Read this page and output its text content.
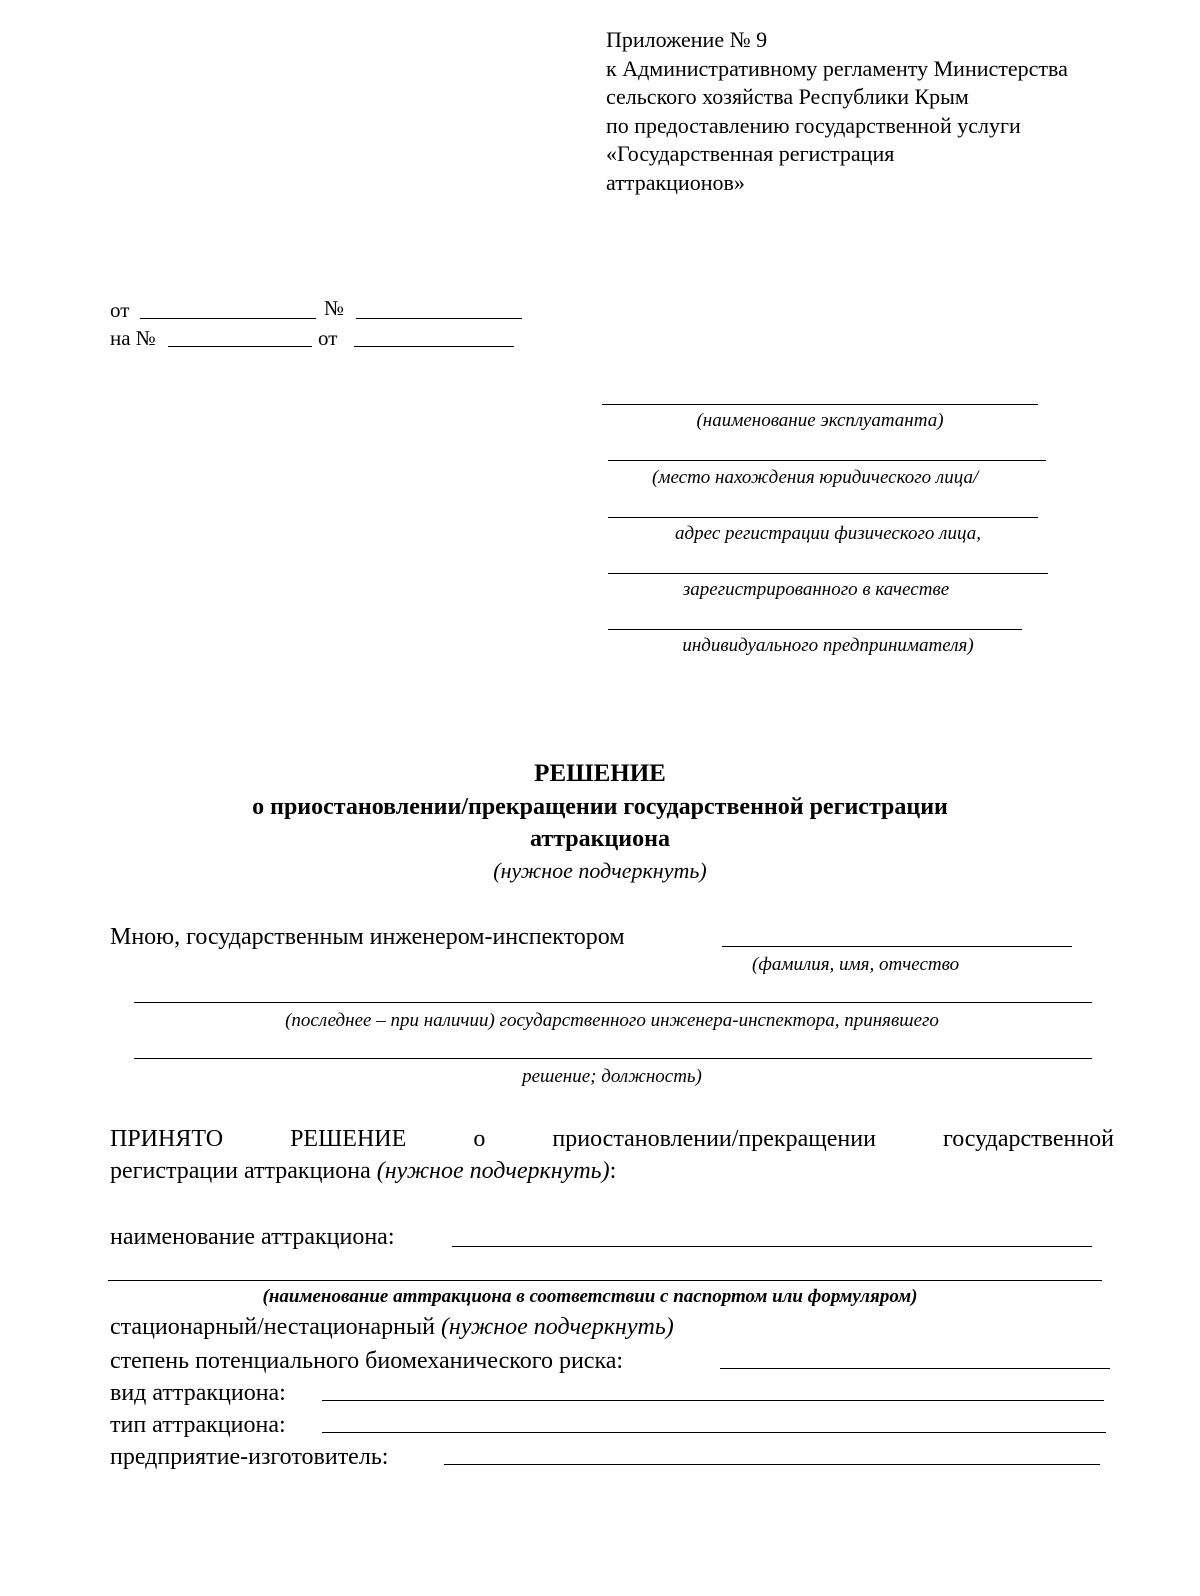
Приложение № 9
к Административному регламенту Министерства
сельского хозяйства Республики Крым
по предоставлению государственной услуги
«Государственная регистрация
аттракционов»
от	№
на №	от
(наименование эксплуатанта)
(место нахождения юридического лица/
адрес регистрации физического лица,
зарегистрированного в качестве
индивидуального предпринимателя)
РЕШЕНИЕ
о приостановлении/прекращении государственной регистрации
аттракциона
(нужное подчеркнуть)
Мною, государственным инженером-инспектором
(фамилия, имя, отчество
(последнее – при наличии) государственного инженера-инспектора, принявшего
решение; должность)
ПРИНЯТО	РЕШЕНИЕ	о	приостановлении/прекращении	государственной
регистрации аттракциона (нужное подчеркнуть):
наименование аттракциона:
(наименование аттракциона в соответствии с паспортом или формуляром)
стационарный/нестационарный (нужное подчеркнуть)
степень потенциального биомеханического риска:
вид аттракциона:
тип аттракциона:
предприятие-изготовитель:
